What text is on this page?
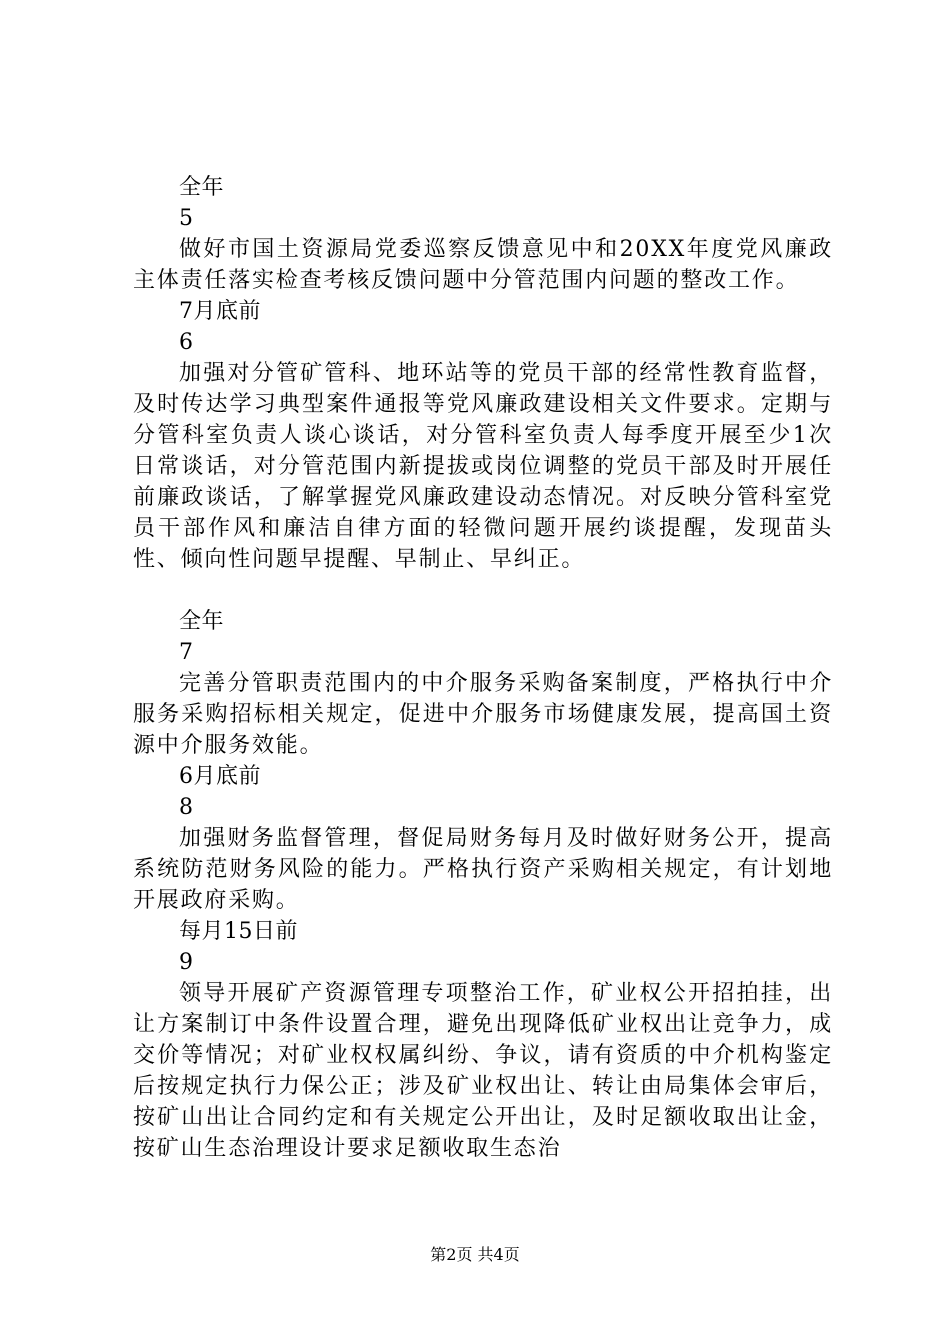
全年
5
做好市国土资源局党委巡察反馈意见中和20XX年度党风廉政主体责任落实检查考核反馈问题中分管范围内问题的整改工作。
7月底前
6
加强对分管矿管科、地环站等的党员干部的经常性教育监督，及时传达学习典型案件通报等党风廉政建设相关文件要求。定期与分管科室负责人谈心谈话，对分管科室负责人每季度开展至少1次日常谈话，对分管范围内新提拔或岗位调整的党员干部及时开展任前廉政谈话，了解掌握党风廉政建设动态情况。对反映分管科室党员干部作风和廉洁自律方面的轻微问题开展约谈提醒，发现苗头性、倾向性问题早提醒、早制止、早纠正。
全年
7
完善分管职责范围内的中介服务采购备案制度，严格执行中介服务采购招标相关规定，促进中介服务市场健康发展，提高国土资源中介服务效能。
6月底前
8
加强财务监督管理，督促局财务每月及时做好财务公开，提高系统防范财务风险的能力。严格执行资产采购相关规定，有计划地开展政府采购。
每月15日前
9
领导开展矿产资源管理专项整治工作，矿业权公开招拍挂，出让方案制订中条件设置合理，避免出现降低矿业权出让竞争力，成交价等情况；对矿业权权属纠纷、争议，请有资质的中介机构鉴定后按规定执行力保公正；涉及矿业权出让、转让由局集体会审后，按矿山出让合同约定和有关规定公开出让，及时足额收取出让金，按矿山生态治理设计要求足额收取生态治
第2页 共4页
